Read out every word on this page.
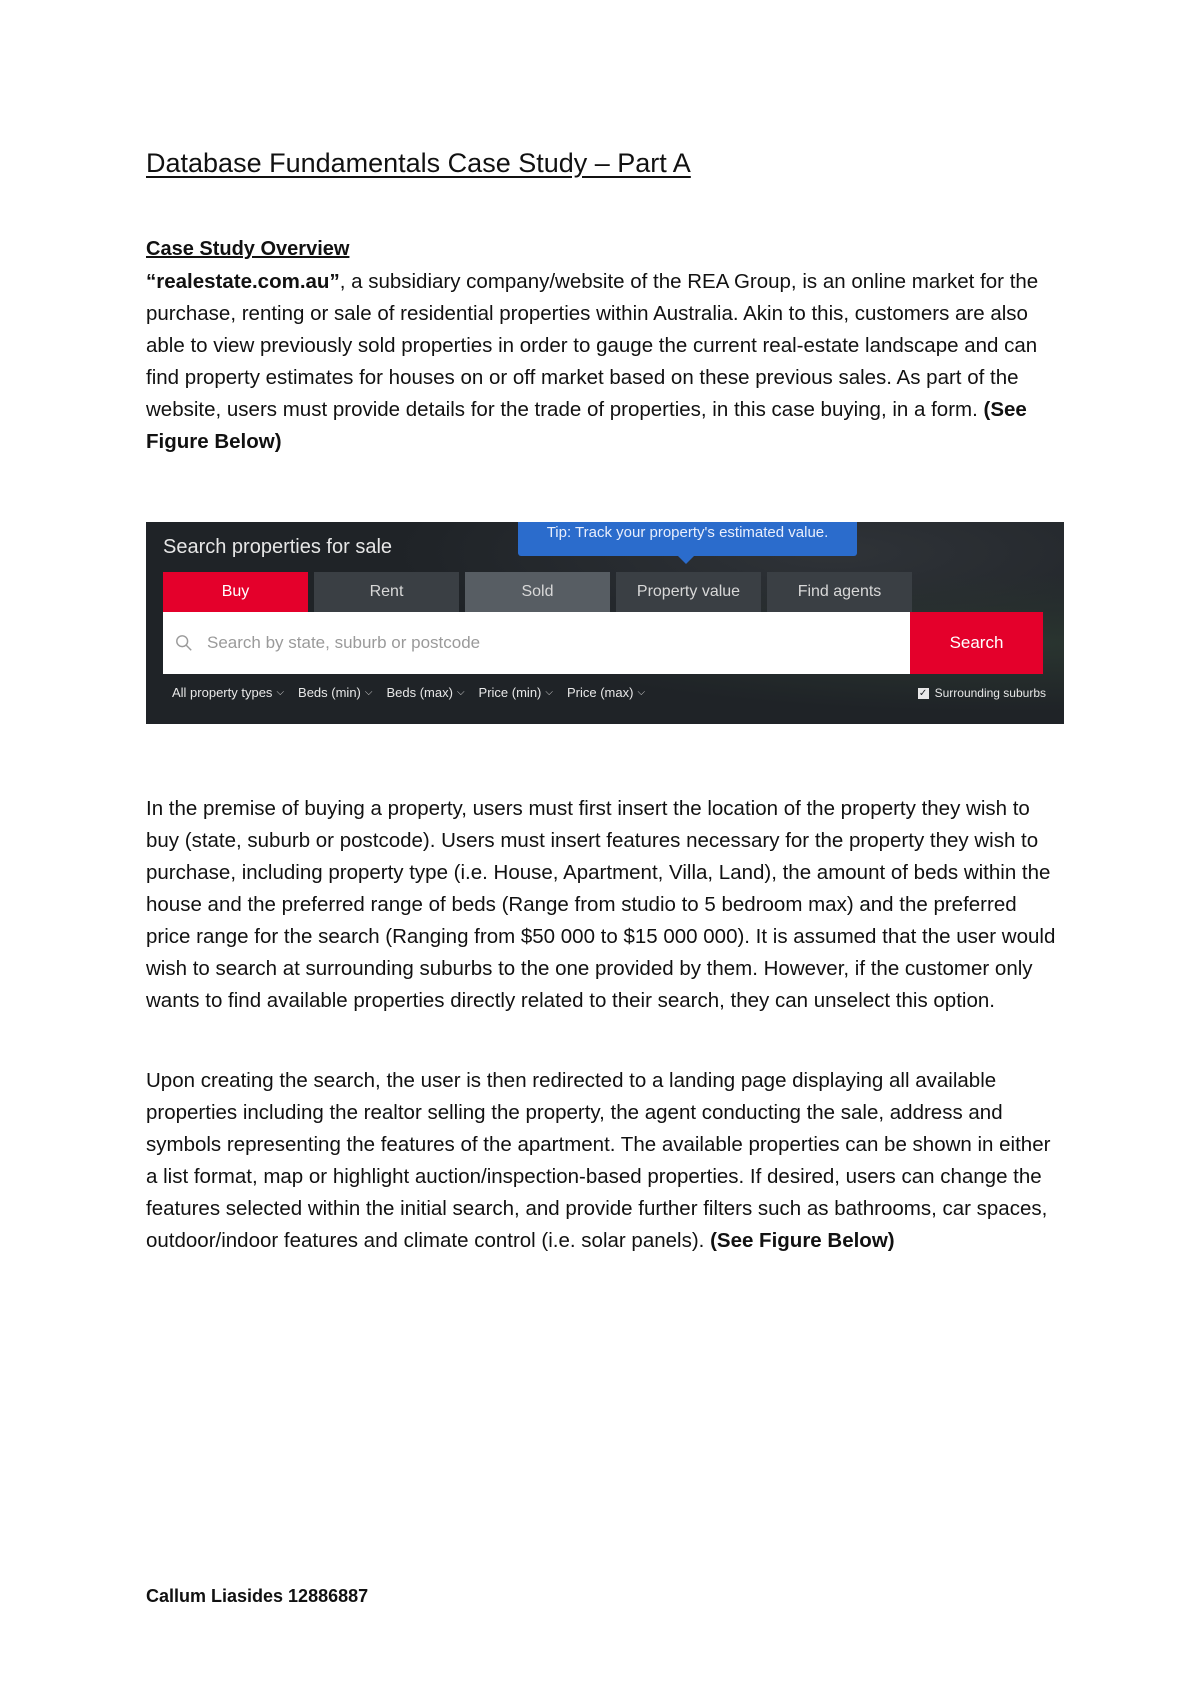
Database Fundamentals Case Study – Part A
Case Study Overview

“realestate.com.au”, a subsidiary company/website of the REA Group, is an online market for the purchase, renting or sale of residential properties within Australia. Akin to this, customers are also able to view previously sold properties in order to gauge the current real-estate landscape and can find property estimates for houses on or off market based on these previous sales. As part of the website, users must provide details for the trade of properties, in this case buying, in a form. (See Figure Below)

Search properties for sale
Tip: Track your property's estimated value.
Buy	Rent	Sold	Property value	Find agents
Search by state, suburb or postcode
Search
All property types ⌵ Beds (min) ⌵ Beds (max) ⌵ Price (min) ⌵ Price (max) ⌵	✓ Surrounding suburbs

In the premise of buying a property, users must first insert the location of the property they wish to buy (state, suburb or postcode). Users must insert features necessary for the property they wish to purchase, including property type (i.e. House, Apartment, Villa, Land), the amount of beds within the house and the preferred range of beds (Range from studio to 5 bedroom max) and the preferred price range for the search (Ranging from $50 000 to $15 000 000). It is assumed that the user would wish to search at surrounding suburbs to the one provided by them. However, if the customer only wants to find available properties directly related to their search, they can unselect this option.

Upon creating the search, the user is then redirected to a landing page displaying all available properties including the realtor selling the property, the agent conducting the sale, address and symbols representing the features of the apartment. The available properties can be shown in either a list format, map or highlight auction/inspection-based properties. If desired, users can change the features selected within the initial search, and provide further filters such as bathrooms, car spaces, outdoor/indoor features and climate control (i.e. solar panels). (See Figure Below)

Callum Liasides 12886887
